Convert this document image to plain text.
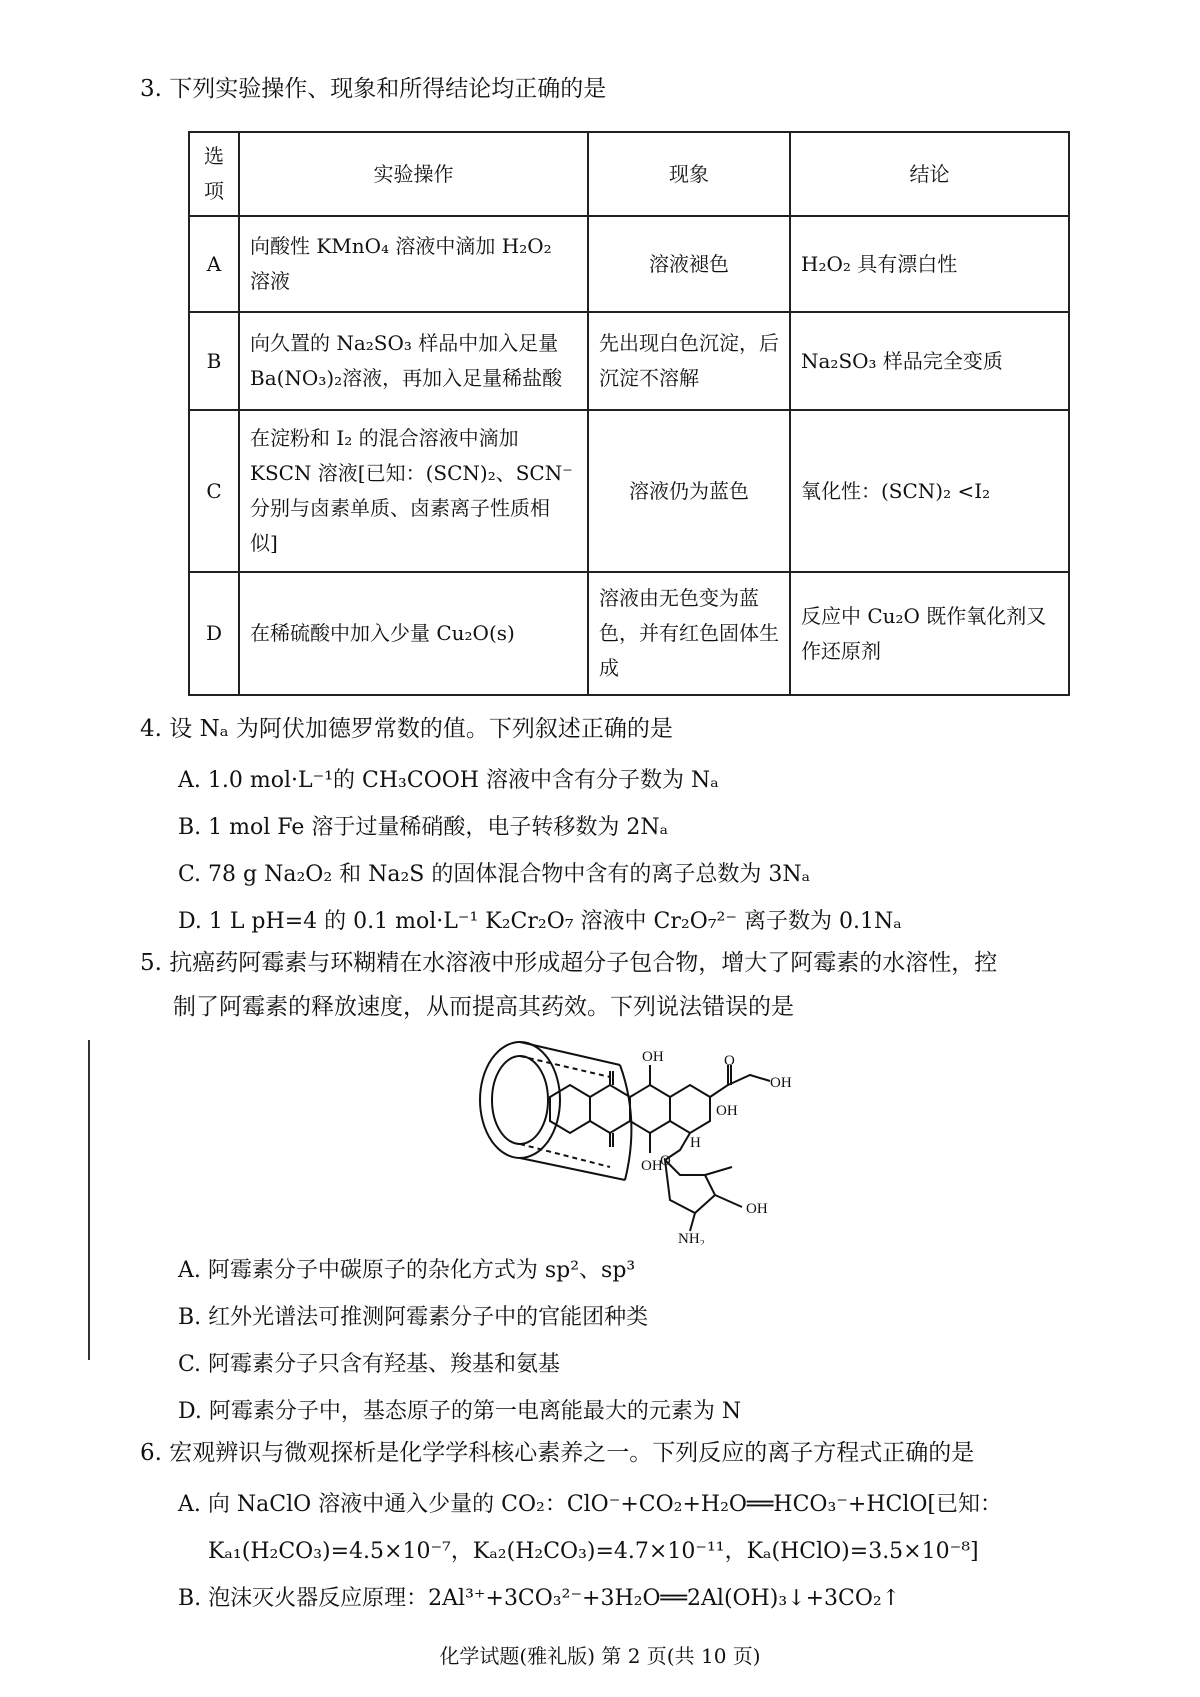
3. 下列实验操作、现象和所得结论均正确的是
选项	实验操作	现象	结论
A	向酸性 KMnO₄ 溶液中滴加 H₂O₂ 溶液	溶液褪色	H₂O₂ 具有漂白性
B	向久置的 Na₂SO₃ 样品中加入足量 Ba(NO₃)₂溶液，再加入足量稀盐酸	先出现白色沉淀，后沉淀不溶解	Na₂SO₃ 样品完全变质
C	在淀粉和 I₂ 的混合溶液中滴加 KSCN 溶液[已知：(SCN)₂、SCN⁻分别与卤素单质、卤素离子性质相似]	溶液仍为蓝色	氧化性：(SCN)₂ <I₂
D	在稀硫酸中加入少量 Cu₂O(s)	溶液由无色变为蓝色，并有红色固体生成	反应中 Cu₂O 既作氧化剂又作还原剂
4. 设 Nₐ 为阿伏加德罗常数的值。下列叙述正确的是
A. 1.0 mol·L⁻¹的 CH₃COOH 溶液中含有分子数为 Nₐ
B. 1 mol Fe 溶于过量稀硝酸，电子转移数为 2Nₐ
C. 78 g Na₂O₂ 和 Na₂S 的固体混合物中含有的离子总数为 3Nₐ
D. 1 L pH=4 的 0.1 mol·L⁻¹ K₂Cr₂O₇ 溶液中 Cr₂O₇²⁻ 离子数为 0.1Nₐ
5. 抗癌药阿霉素与环糊精在水溶液中形成超分子包合物，增大了阿霉素的水溶性，控
制了阿霉素的释放速度，从而提高其药效。下列说法错误的是
OH
OH
OH
OH
OH
O
O
H
NH₂
A. 阿霉素分子中碳原子的杂化方式为 sp²、sp³
B. 红外光谱法可推测阿霉素分子中的官能团种类
C. 阿霉素分子只含有羟基、羧基和氨基
D. 阿霉素分子中，基态原子的第一电离能最大的元素为 N
6. 宏观辨识与微观探析是化学学科核心素养之一。下列反应的离子方程式正确的是
A. 向 NaClO 溶液中通入少量的 CO₂：ClO⁻+CO₂+H₂O══HCO₃⁻+HClO[已知：
Kₐ₁(H₂CO₃)=4.5×10⁻⁷，Kₐ₂(H₂CO₃)=4.7×10⁻¹¹，Kₐ(HClO)=3.5×10⁻⁸]
B. 泡沫灭火器反应原理：2Al³⁺+3CO₃²⁻+3H₂O══2Al(OH)₃↓+3CO₂↑
化学试题(雅礼版) 第 2 页(共 10 页)
